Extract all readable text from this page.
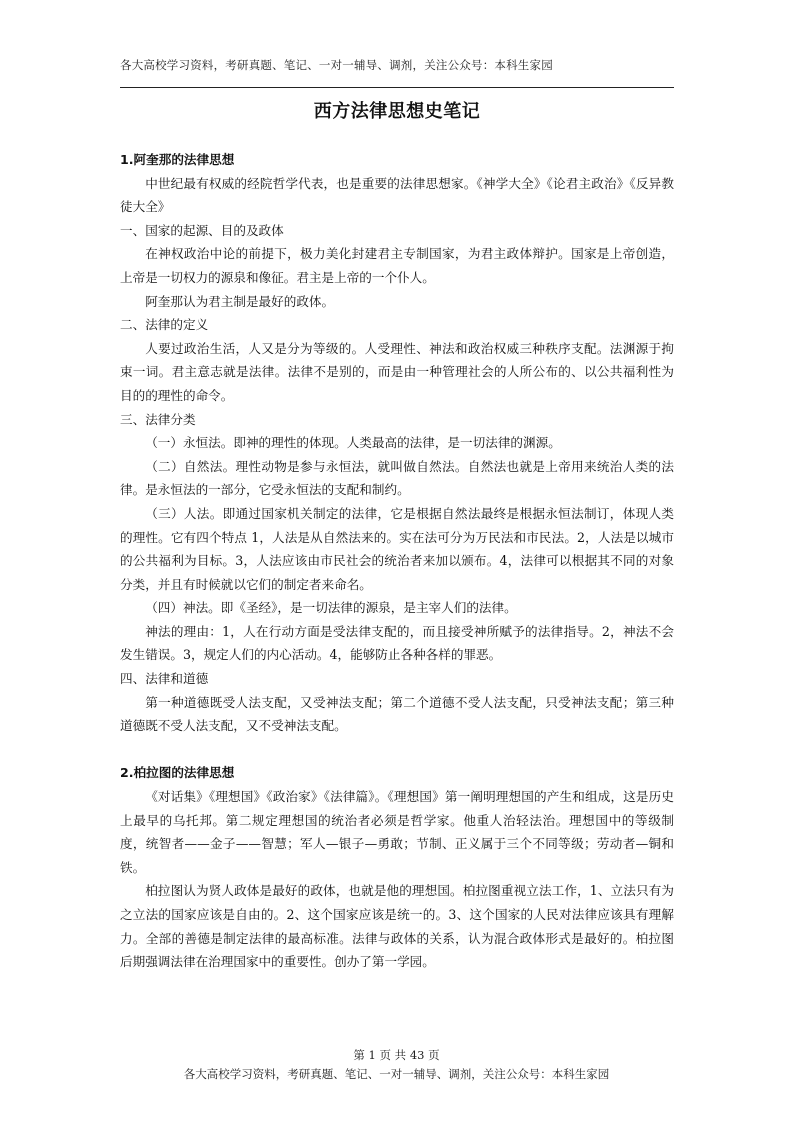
各大高校学习资料，考研真题、笔记、一对一辅导、调剂，关注公众号：本科生家园
西方法律思想史笔记

1.阿奎那的法律思想

中世纪最有权威的经院哲学代表，也是重要的法律思想家。《神学大全》《论君主政治》《反异教徒大全》

一、国家的起源、目的及政体

在神权政治中论的前提下，极力美化封建君主专制国家，为君主政体辩护。国家是上帝创造，上帝是一切权力的源泉和像征。君主是上帝的一个仆人。

阿奎那认为君主制是最好的政体。

二、法律的定义

人要过政治生活，人又是分为等级的。人受理性、神法和政治权威三种秩序支配。法渊源于拘束一词。君主意志就是法律。法律不是别的，而是由一种管理社会的人所公布的、以公共福利性为目的的理性的命令。

三、法律分类

（一）永恒法。即神的理性的体现。人类最高的法律，是一切法律的渊源。

（二）自然法。理性动物是参与永恒法，就叫做自然法。自然法也就是上帝用来统治人类的法律。是永恒法的一部分，它受永恒法的支配和制约。

（三）人法。即通过国家机关制定的法律，它是根据自然法最终是根据永恒法制订，体现人类的理性。它有四个特点 1，人法是从自然法来的。实在法可分为万民法和市民法。2，人法是以城市的公共福利为目标。3，人法应该由市民社会的统治者来加以颁布。4，法律可以根据其不同的对象分类，并且有时候就以它们的制定者来命名。

（四）神法。即《圣经》，是一切法律的源泉，是主宰人们的法律。

神法的理由：1，人在行动方面是受法律支配的，而且接受神所赋予的法律指导。2，神法不会发生错误。3，规定人们的内心活动。4，能够防止各种各样的罪恶。

四、法律和道德

第一种道德既受人法支配，又受神法支配；第二个道德不受人法支配，只受神法支配；第三种道德既不受人法支配，又不受神法支配。

2.柏拉图的法律思想

《对话集》《理想国》《政治家》《法律篇》。《理想国》第一阐明理想国的产生和组成，这是历史上最早的乌托邦。第二规定理想国的统治者必须是哲学家。他重人治轻法治。理想国中的等级制度，统智者——金子——智慧；军人—银子—勇敢；节制、正义属于三个不同等级；劳动者—铜和铁。

柏拉图认为贤人政体是最好的政体，也就是他的理想国。柏拉图重视立法工作，1、立法只有为之立法的国家应该是自由的。2、这个国家应该是统一的。3、这个国家的人民对法律应该具有理解力。全部的善德是制定法律的最高标准。法律与政体的关系，认为混合政体形式是最好的。柏拉图后期强调法律在治理国家中的重要性。创办了第一学园。

第 1 页 共 43 页
各大高校学习资料，考研真题、笔记、一对一辅导、调剂，关注公众号：本科生家园
